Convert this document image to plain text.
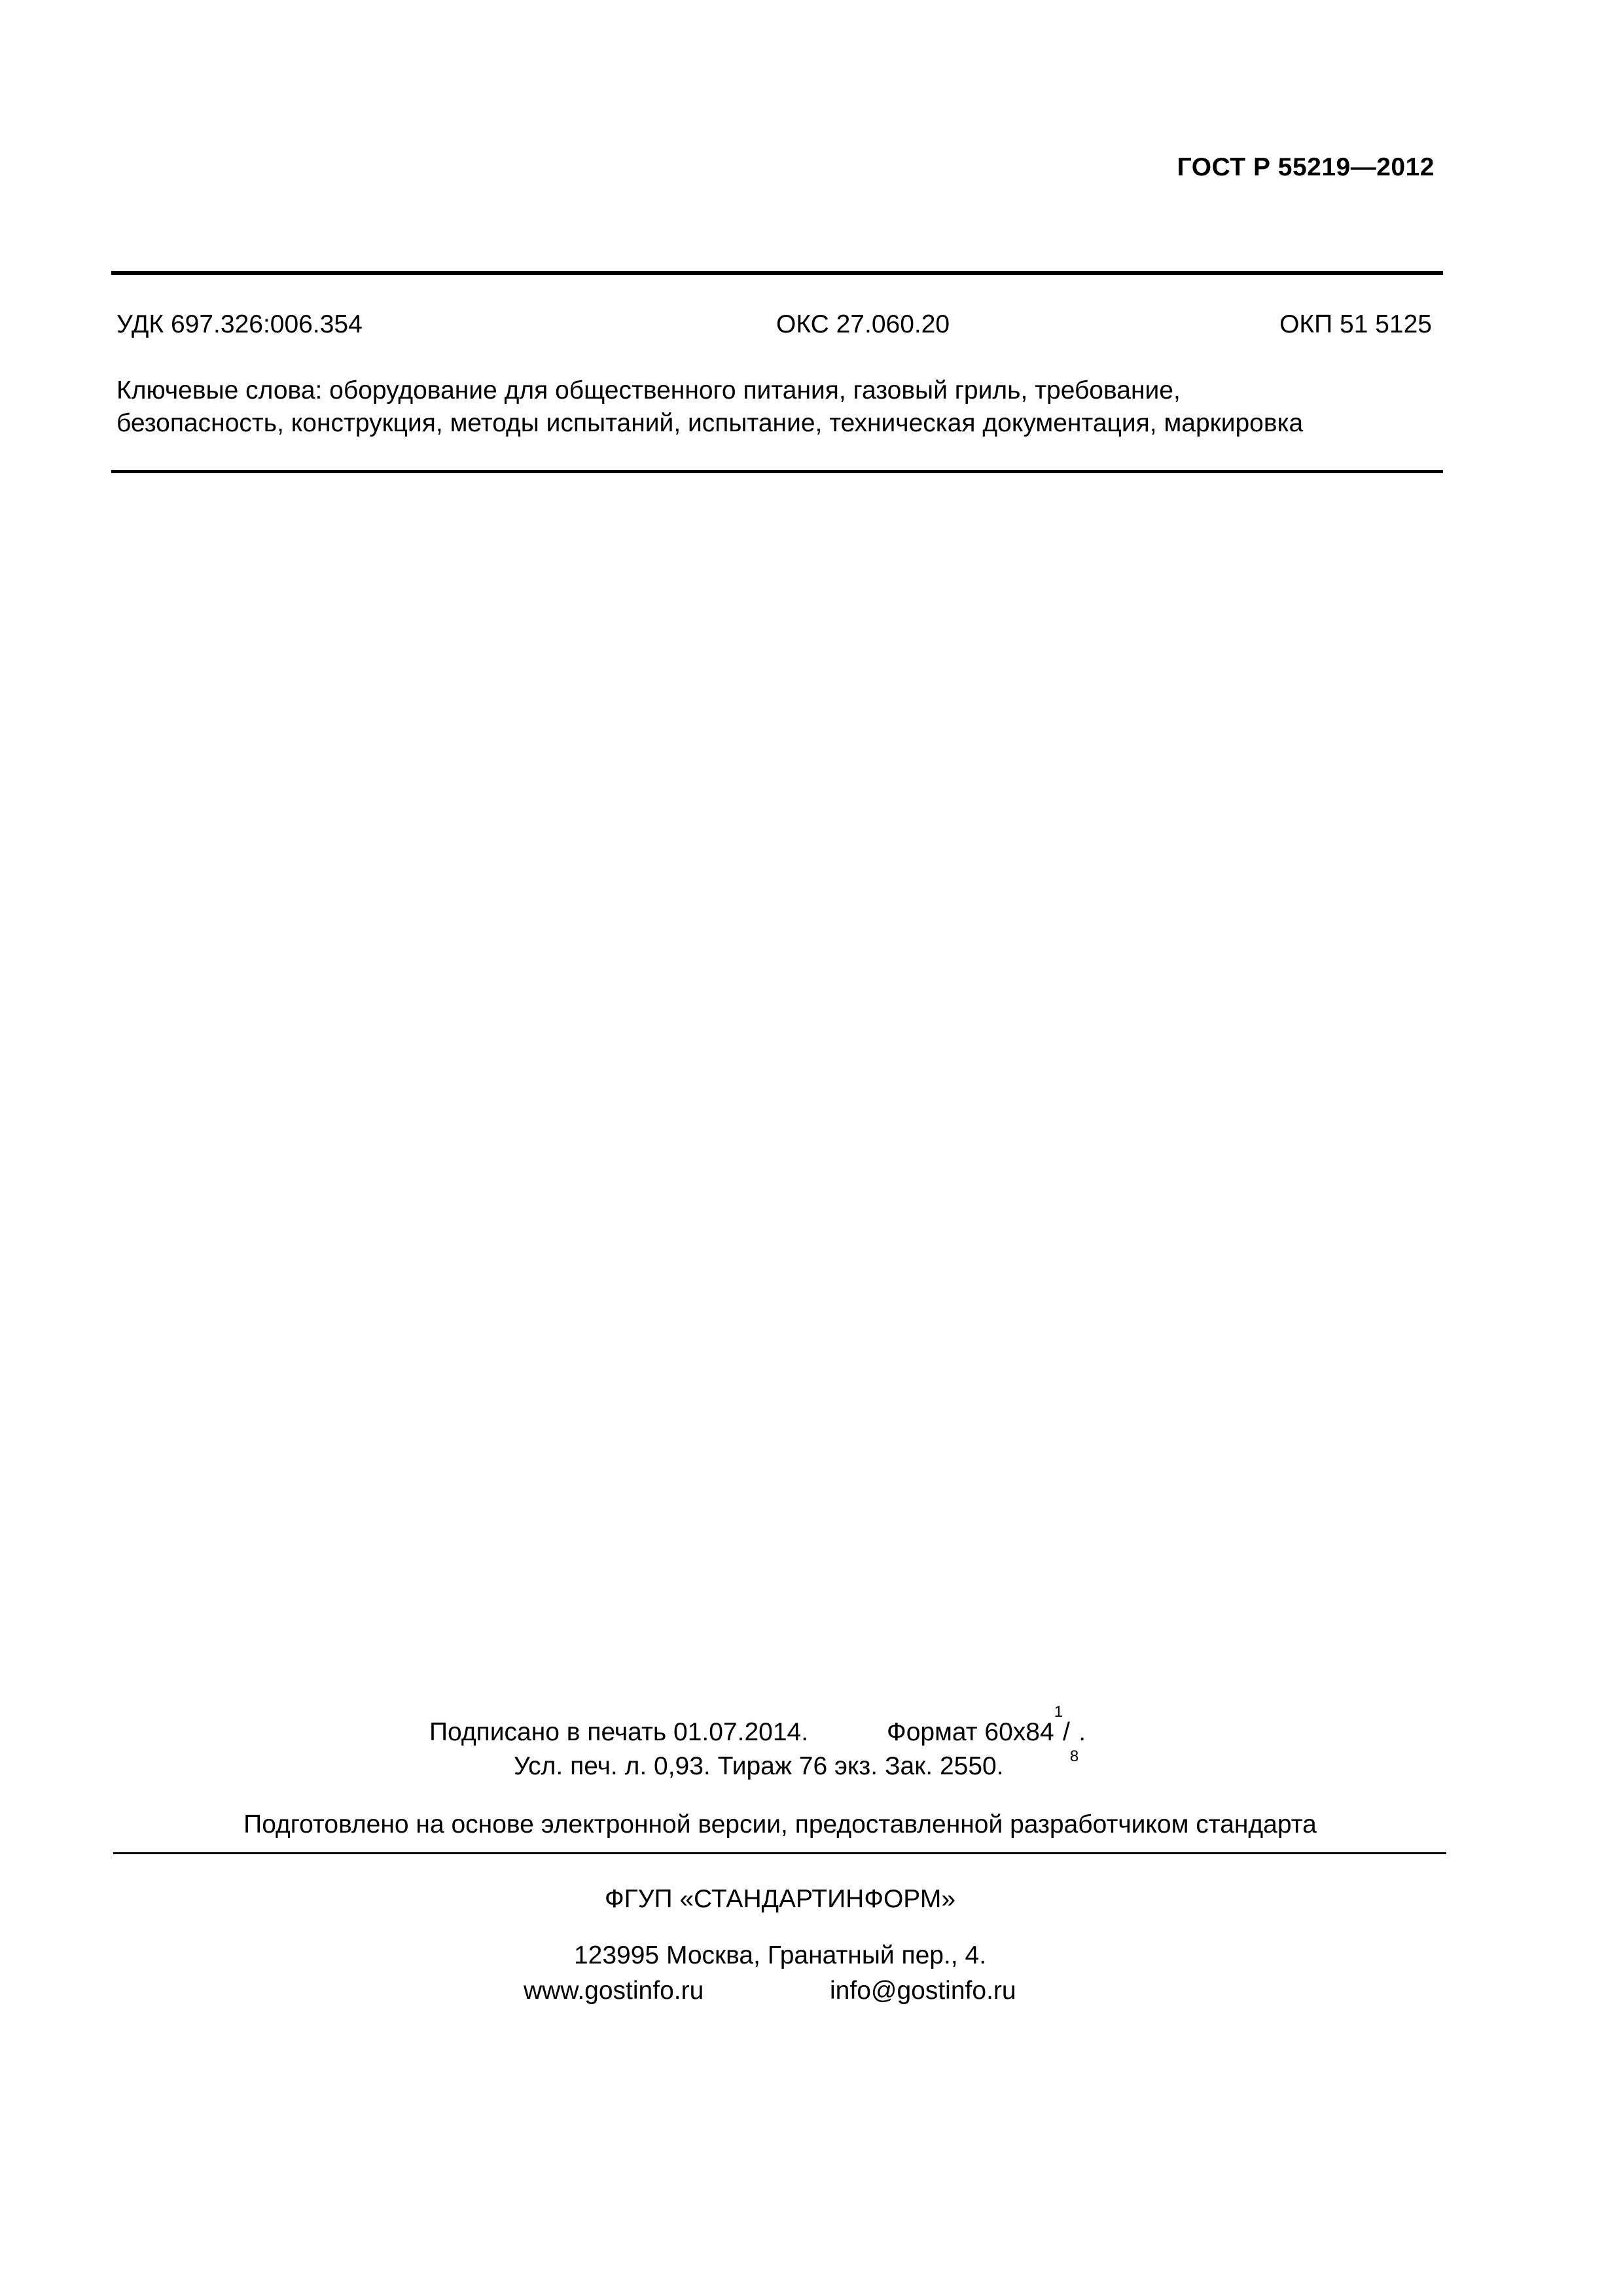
ГОСТ Р 55219—2012
УДК 697.326:006.354	ОКС 27.060.20	ОКП 51 5125
Ключевые слова: оборудование для общественного питания, газовый гриль, требование,
безопасность, конструкция, методы испытаний, испытание, техническая документация, маркировка
Подписано в печать 01.07.2014.	Формат $60х84^1/_8$.
Усл. печ. л. 0,93. Тираж 76 экз. Зак. 2550.
Подготовлено на основе электронной версии, предоставленной разработчиком стандарта
ФГУП «СТАНДАРТИНФОРМ»
123995 Москва, Гранатный пер., 4.
www.gostinfo.ru	info@gostinfo.ru
